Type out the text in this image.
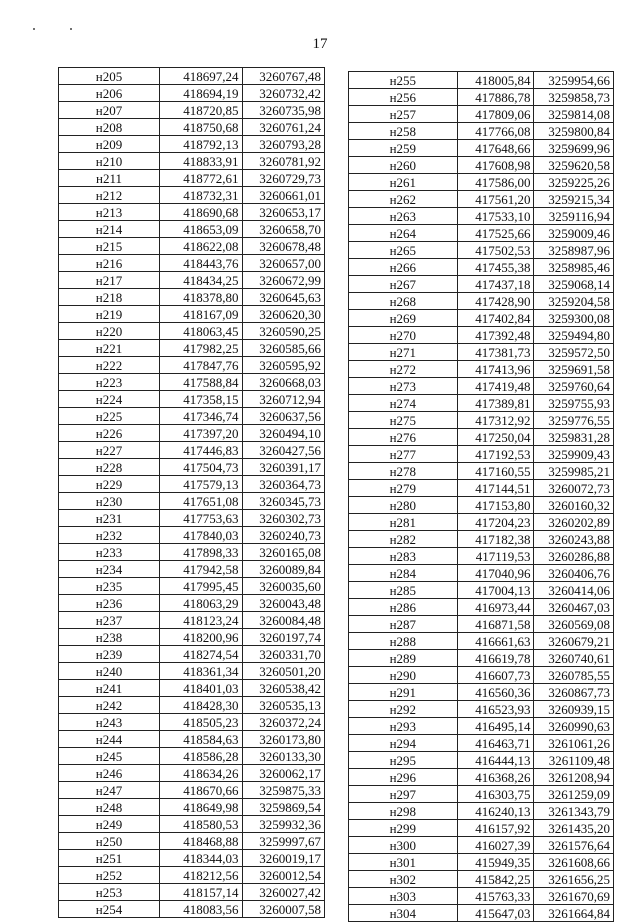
17
н205	418697,24	3260767,48
н206	418694,19	3260732,42
н207	418720,85	3260735,98
н208	418750,68	3260761,24
н209	418792,13	3260793,28
н210	418833,91	3260781,92
н211	418772,61	3260729,73
н212	418732,31	3260661,01
н213	418690,68	3260653,17
н214	418653,09	3260658,70
н215	418622,08	3260678,48
н216	418443,76	3260657,00
н217	418434,25	3260672,99
н218	418378,80	3260645,63
н219	418167,09	3260620,30
н220	418063,45	3260590,25
н221	417982,25	3260585,66
н222	417847,76	3260595,92
н223	417588,84	3260668,03
н224	417358,15	3260712,94
н225	417346,74	3260637,56
н226	417397,20	3260494,10
н227	417446,83	3260427,56
н228	417504,73	3260391,17
н229	417579,13	3260364,73
н230	417651,08	3260345,73
н231	417753,63	3260302,73
н232	417840,03	3260240,73
н233	417898,33	3260165,08
н234	417942,58	3260089,84
н235	417995,45	3260035,60
н236	418063,29	3260043,48
н237	418123,24	3260084,48
н238	418200,96	3260197,74
н239	418274,54	3260331,70
н240	418361,34	3260501,20
н241	418401,03	3260538,42
н242	418428,30	3260535,13
н243	418505,23	3260372,24
н244	418584,63	3260173,80
н245	418586,28	3260133,30
н246	418634,26	3260062,17
н247	418670,66	3259875,33
н248	418649,98	3259869,54
н249	418580,53	3259932,36
н250	418468,88	3259997,67
н251	418344,03	3260019,17
н252	418212,56	3260012,54
н253	418157,14	3260027,42
н254	418083,56	3260007,58
н255	418005,84	3259954,66
н256	417886,78	3259858,73
н257	417809,06	3259814,08
н258	417766,08	3259800,84
н259	417648,66	3259699,96
н260	417608,98	3259620,58
н261	417586,00	3259225,26
н262	417561,20	3259215,34
н263	417533,10	3259116,94
н264	417525,66	3259009,46
н265	417502,53	3258987,96
н266	417455,38	3258985,46
н267	417437,18	3259068,14
н268	417428,90	3259204,58
н269	417402,84	3259300,08
н270	417392,48	3259494,80
н271	417381,73	3259572,50
н272	417413,96	3259691,58
н273	417419,48	3259760,64
н274	417389,81	3259755,93
н275	417312,92	3259776,55
н276	417250,04	3259831,28
н277	417192,53	3259909,43
н278	417160,55	3259985,21
н279	417144,51	3260072,73
н280	417153,80	3260160,32
н281	417204,23	3260202,89
н282	417182,38	3260243,88
н283	417119,53	3260286,88
н284	417040,96	3260406,76
н285	417004,13	3260414,06
н286	416973,44	3260467,03
н287	416871,58	3260569,08
н288	416661,63	3260679,21
н289	416619,78	3260740,61
н290	416607,73	3260785,55
н291	416560,36	3260867,73
н292	416523,93	3260939,15
н293	416495,14	3260990,63
н294	416463,71	3261061,26
н295	416444,13	3261109,48
н296	416368,26	3261208,94
н297	416303,75	3261259,09
н298	416240,13	3261343,79
н299	416157,92	3261435,20
н300	416027,39	3261576,64
н301	415949,35	3261608,66
н302	415842,25	3261656,25
н303	415763,33	3261670,69
н304	415647,03	3261664,84
